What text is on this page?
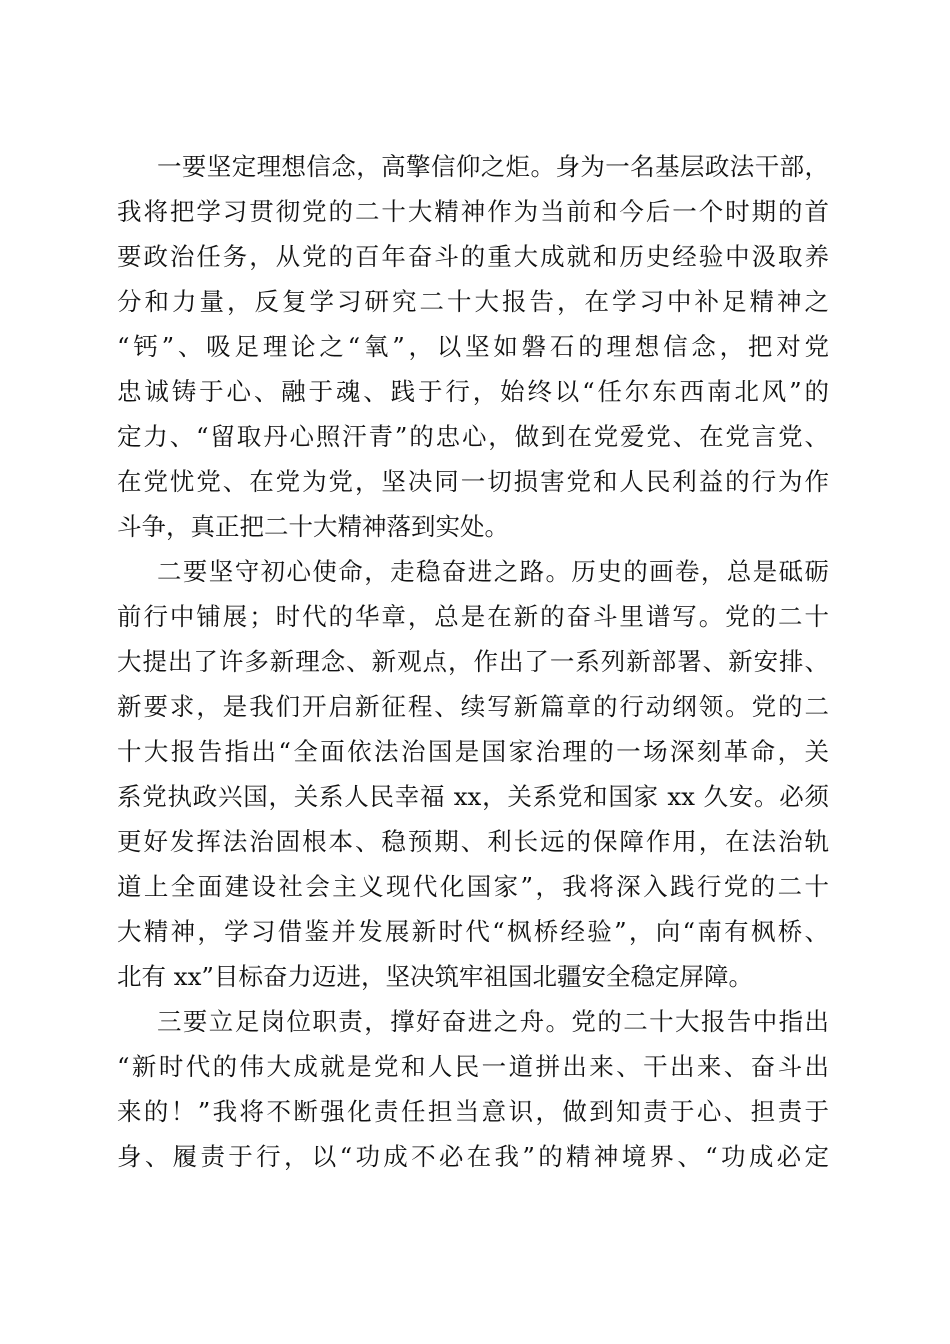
一要坚定理想信念，高擎信仰之炬。身为一名基层政法干部，
我将把学习贯彻党的二十大精神作为当前和今后一个时期的首
要政治任务，从党的百年奋斗的重大成就和历史经验中汲取养
分和力量，反复学习研究二十大报告，在学习中补足精神之
“钙”、吸足理论之“氧”，以坚如磐石的理想信念，把对党
忠诚铸于心、融于魂、践于行，始终以“任尔东西南北风”的
定力、“留取丹心照汗青”的忠心，做到在党爱党、在党言党、
在党忧党、在党为党，坚决同一切损害党和人民利益的行为作
斗争，真正把二十大精神落到实处。
二要坚守初心使命，走稳奋进之路。历史的画卷，总是砥砺
前行中铺展；时代的华章，总是在新的奋斗里谱写。党的二十
大提出了许多新理念、新观点，作出了一系列新部署、新安排、
新要求，是我们开启新征程、续写新篇章的行动纲领。党的二
十大报告指出“全面依法治国是国家治理的一场深刻革命，关
系党执政兴国，关系人民幸福 xx，关系党和国家 xx 久安。必须
更好发挥法治固根本、稳预期、利长远的保障作用，在法治轨
道上全面建设社会主义现代化国家”，我将深入践行党的二十
大精神，学习借鉴并发展新时代“枫桥经验”，向“南有枫桥、
北有 xx”目标奋力迈进，坚决筑牢祖国北疆安全稳定屏障。
三要立足岗位职责，撑好奋进之舟。党的二十大报告中指出
“新时代的伟大成就是党和人民一道拼出来、干出来、奋斗出
来的！”我将不断强化责任担当意识，做到知责于心、担责于
身、履责于行，以“功成不必在我”的精神境界、“功成必定
